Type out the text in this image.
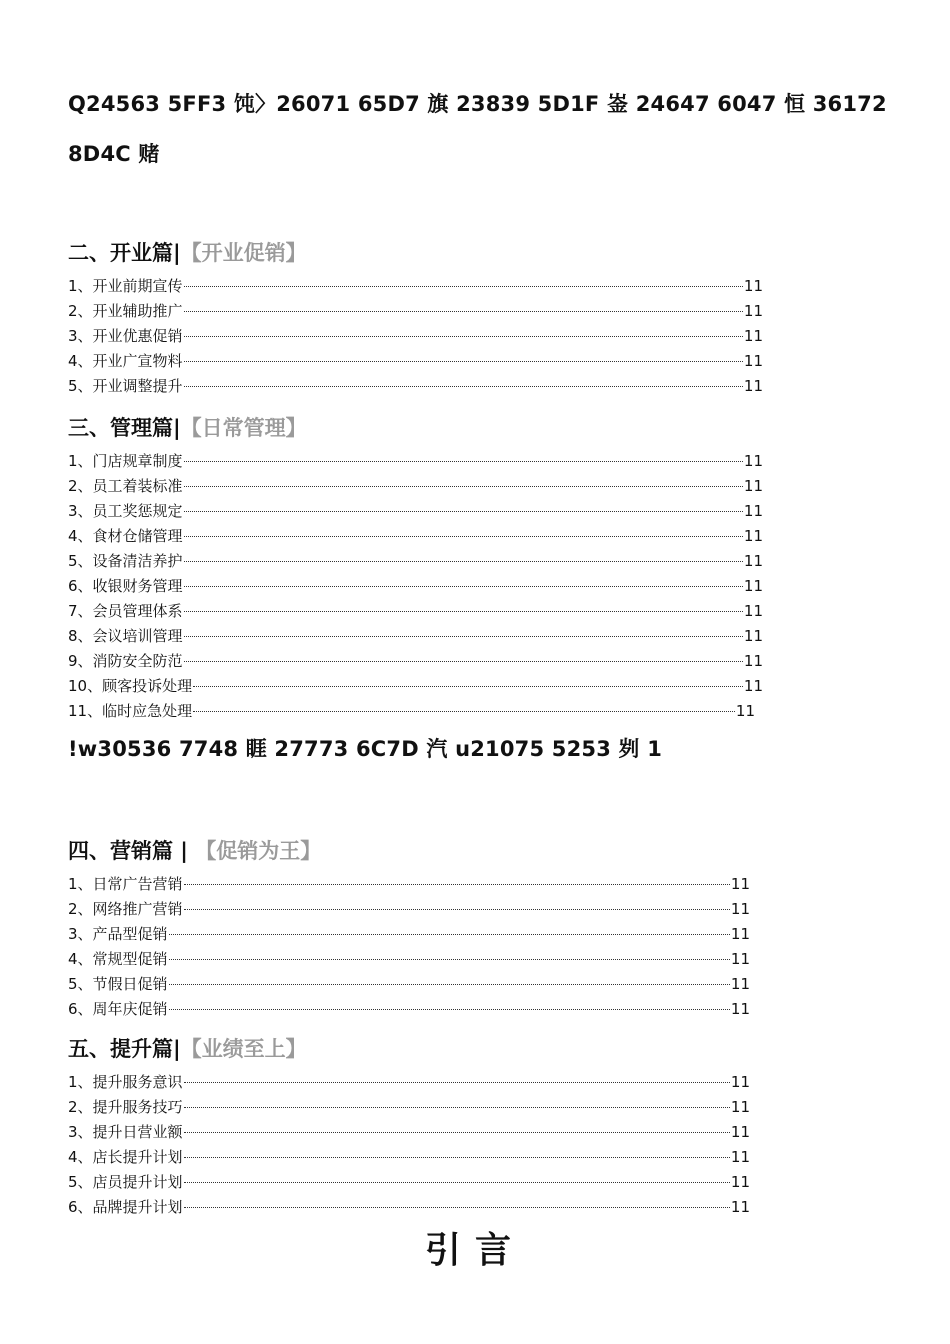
Q24563 5FF3 饨〉26071 65D7 旗 23839 5D1F 崟 24647 6047 恒 36172
8D4C 赌
二、开业篇|【开业促销】
1、开业前期宣传	11
2、开业辅助推广	11
3、开业优惠促销	11
4、开业广宣物料	11
5、开业调整提升	11
三、管理篇|【日常管理】
1、门店规章制度	11
2、员工着装标准	11
3、员工奖惩规定	11
4、食材仓储管理	11
5、设备清洁养护	11
6、收银财务管理	11
7、会员管理体系	11
8、会议培训管理	11
9、消防安全防范	11
10、顾客投诉处理	11
11、临时应急处理	11
!w30536 7748 睚 27773 6C7D 汽 u21075 5253 刿 1
四、营销篇 | 【促销为王】
1、日常广告营销	11
2、网络推广营销	11
3、产品型促销	11
4、常规型促销	11
5、节假日促销	11
6、周年庆促销	11
五、提升篇|【业绩至上】
1、提升服务意识	11
2、提升服务技巧	11
3、提升日营业额	11
4、店长提升计划	11
5、店员提升计划	11
6、品牌提升计划	11
引言
